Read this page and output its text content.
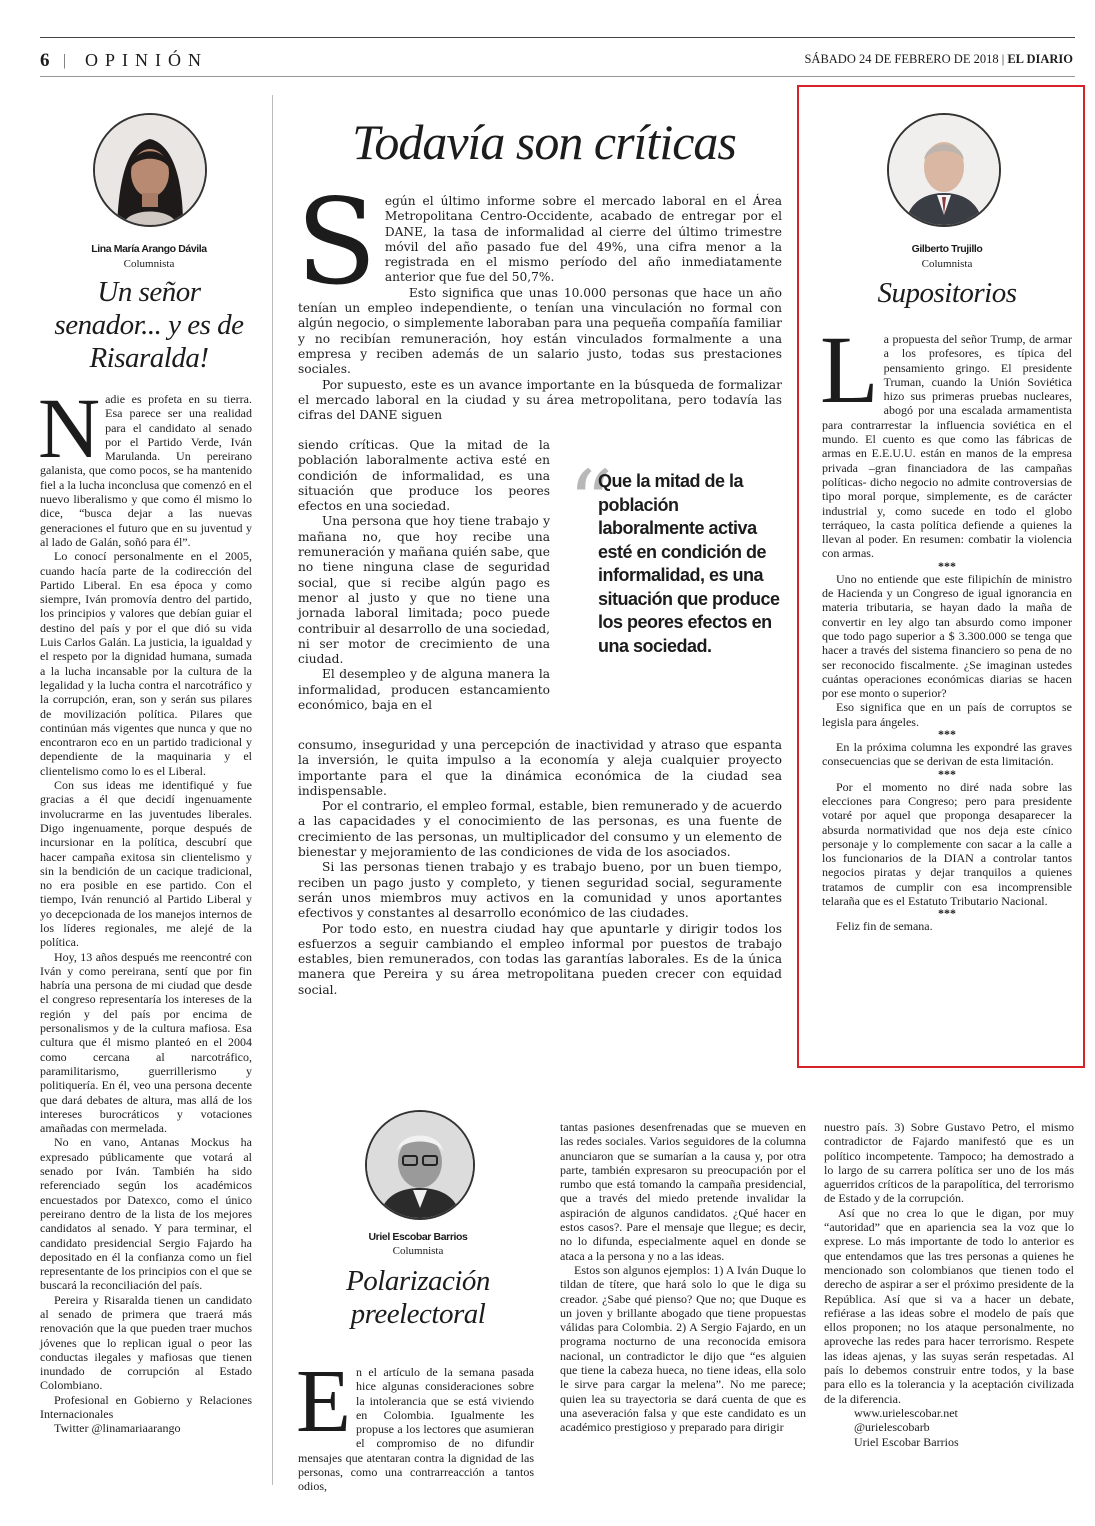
6 | OPINIÓN	SÁBADO 24 DE FEBRERO DE 2018 | EL DIARIO
Lina María Arango Dávila
Columnista
Un señor senador... y es de Risaralda!

Nadie es profeta en su tierra. Esa parece ser una realidad para el candidato al senado por el Partido Verde, Iván Marulanda. Un pereirano galanista, que como pocos, se ha mantenido fiel a la lucha inconclusa que comenzó en el nuevo liberalismo y que como él mismo lo dice, “busca dejar a las nuevas generaciones el futuro que en su juventud y al lado de Galán, soñó para él”.

Lo conocí personalmente en el 2005, cuando hacía parte de la codirección del Partido Liberal. En esa época y como siempre, Iván promovía dentro del partido, los principios y valores que debían guiar el destino del país y por el que dió su vida Luis Carlos Galán. La justicia, la igualdad y el respeto por la dignidad humana, sumada a la lucha incansable por la cultura de la legalidad y la lucha contra el narcotráfico y la corrupción, eran, son y serán sus pilares de movilización política. Pilares que continúan más vigentes que nunca y que no encontraron eco en un partido tradicional y dependiente de la maquinaria y el clientelismo como lo es el Liberal.

Con sus ideas me identifiqué y fue gracias a él que decidí ingenuamente involucrarme en las juventudes liberales. Digo ingenuamente, porque después de incursionar en la política, descubrí que hacer campaña exitosa sin clientelismo y sin la bendición de un cacique tradicional, no era posible en ese partido. Con el tiempo, Iván renunció al Partido Liberal y yo decepcionada de los manejos internos de los líderes regionales, me alejé de la política.

Hoy, 13 años después me reencontré con Iván y como pereirana, sentí que por fin habría una persona de mi ciudad que desde el congreso representaría los intereses de la región y del país por encima de personalismos y de la cultura mafiosa. Esa cultura que él mismo planteó en el 2004 como cercana al narcotráfico, paramilitarismo, guerrillerismo y politiquería. En él, veo una persona decente que dará debates de altura, mas allá de los intereses burocráticos y votaciones amañadas con mermelada.

No en vano, Antanas Mockus ha expresado públicamente que votará al senado por Iván. También ha sido referenciado según los académicos encuestados por Datexco, como el único pereirano dentro de la lista de los mejores candidatos al senado. Y para terminar, el candidato presidencial Sergio Fajardo ha depositado en él la confianza como un fiel representante de los principios con el que se buscará la reconciliación del país.

Pereira y Risaralda tienen un candidato al senado de primera que traerá más renovación que la que pueden traer muchos jóvenes que lo replican igual o peor las conductas ilegales y mafiosas que tienen inundado de corrupción al Estado Colombiano.

Profesional en Gobierno y Relaciones Internacionales

Twitter @linamariaarango

Todavía son críticas

Según el último informe sobre el mercado laboral en el Área Metropolitana Centro-Occidente, acabado de entregar por el DANE, la tasa de informalidad al cierre del último trimestre móvil del año pasado fue del 49%, una cifra menor a la registrada en el mismo período del año inmediatamente anterior que fue del 50,7%.

Esto significa que unas 10.000 personas que hace un año tenían un empleo independiente, o tenían una vinculación no formal con algún negocio, o simplemente laboraban para una pequeña compañía familiar y no recibían remuneración, hoy están vinculados formalmente a una empresa y reciben además de un salario justo, todas sus prestaciones sociales.

Por supuesto, este es un avance importante en la búsqueda de formalizar el mercado laboral en la ciudad y su área metropolitana, pero todavía las cifras del DANE siguen

siendo críticas. Que la mitad de la población laboralmente activa esté en condición de informalidad, es una situación que produce los peores efectos en una sociedad.

Una persona que hoy tiene trabajo y mañana no, que hoy recibe una remuneración y mañana quién sabe, que no tiene ninguna clase de seguridad social, que si recibe algún pago es menor al justo y que no tiene una jornada laboral limitada; poco puede contribuir al desarrollo de una sociedad, ni ser motor de crecimiento de una ciudad.

El desempleo y de alguna manera la informalidad, producen estancamiento económico, baja en el

“
Que la mitad de la población laboralmente activa esté en condición de informalidad, es una situación que produce los peores efectos en una sociedad.

consumo, inseguridad y una percepción de inactividad y atraso que espanta la inversión, le quita impulso a la economía y aleja cualquier proyecto importante para el que la dinámica económica de la ciudad sea indispensable.

Por el contrario, el empleo formal, estable, bien remunerado y de acuerdo a las capacidades y el conocimiento de las personas, es una fuente de crecimiento de las personas, un multiplicador del consumo y un elemento de bienestar y mejoramiento de las condiciones de vida de los asociados.

Si las personas tienen trabajo y es trabajo bueno, por un buen tiempo, reciben un pago justo y completo, y tienen seguridad social, seguramente serán unos miembros muy activos en la comunidad y unos aportantes efectivos y constantes al desarrollo económico de las ciudades.

Por todo esto, en nuestra ciudad hay que apuntarle y dirigir todos los esfuerzos a seguir cambiando el empleo informal por puestos de trabajo estables, bien remunerados, con todas las garantías laborales. Es de la única manera que Pereira y su área metropolitana pueden crecer con equidad social.

Gilberto Trujillo
Columnista
Supositorios

La propuesta del señor Trump, de armar a los profesores, es típica del pensamiento gringo. El presidente Truman, cuando la Unión Soviética hizo sus primeras pruebas nucleares, abogó por una escalada armamentista para contrarrestar la influencia soviética en el mundo. El cuento es que como las fábricas de armas en E.E.U.U. están en manos de la empresa privada –gran financiadora de las campañas políticas- dicho negocio no admite controversias de tipo moral porque, simplemente, es de carácter industrial y, como sucede en todo el globo terráqueo, la casta política defiende a quienes la llevan al poder. En resumen: combatir la violencia con armas.

***

Uno no entiende que este filipichín de ministro de Hacienda y un Congreso de igual ignorancia en materia tributaria, se hayan dado la maña de convertir en ley algo tan absurdo como imponer que todo pago superior a $ 3.300.000 se tenga que hacer a través del sistema financiero so pena de no ser reconocido fiscalmente. ¿Se imaginan ustedes cuántas operaciones económicas diarias se hacen por ese monto o superior?

Eso significa que en un país de corruptos se legisla para ángeles.

***

En la próxima columna les expondré las graves consecuencias que se derivan de esta limitación.

***

Por el momento no diré nada sobre las elecciones para Congreso; pero para presidente votaré por aquel que proponga desaparecer la absurda normatividad que nos deja este cínico personaje y lo complemente con sacar a la calle a los funcionarios de la DIAN a controlar tantos negocios piratas y dejar tranquilos a quienes tratamos de cumplir con esa incomprensible telaraña que es el Estatuto Tributario Nacional.

***

Feliz fin de semana.

Uriel Escobar Barrios
Columnista
Polarización preelectoral

En el artículo de la semana pasada hice algunas consideraciones sobre la intolerancia que se está viviendo en Colombia. Igualmente les propuse a los lectores que asumieran el compromiso de no difundir mensajes que atentaran contra la dignidad de las personas, como una contrarreacción a tantos odios,

tantas pasiones desenfrenadas que se mueven en las redes sociales. Varios seguidores de la columna anunciaron que se sumarían a la causa y, por otra parte, también expresaron su preocupación por el rumbo que está tomando la campaña presidencial, que a través del miedo pretende invalidar la aspiración de algunos candidatos. ¿Qué hacer en estos casos?. Pare el mensaje que llegue; es decir, no lo difunda, especialmente aquel en donde se ataca a la persona y no a las ideas.

Estos son algunos ejemplos: 1) A Iván Duque lo tildan de títere, que hará solo lo que le diga su creador. ¿Sabe qué pienso? Que no; que Duque es un joven y brillante abogado que tiene propuestas válidas para Colombia. 2) A Sergio Fajardo, en un programa nocturno de una reconocida emisora nacional, un contradictor le dijo que “es alguien que tiene la cabeza hueca, no tiene ideas, ella solo le sirve para cargar la melena”. No me parece; quien lea su trayectoria se dará cuenta de que es una aseveración falsa y que este candidato es un académico prestigioso y preparado para dirigir

nuestro país. 3) Sobre Gustavo Petro, el mismo contradictor de Fajardo manifestó que es un político incompetente. Tampoco; ha demostrado a lo largo de su carrera política ser uno de los más aguerridos críticos de la parapolítica, del terrorismo de Estado y de la corrupción.

Así que no crea lo que le digan, por muy “autoridad” que en apariencia sea la voz que lo exprese. Lo más importante de todo lo anterior es que entendamos que las tres personas a quienes he mencionado son colombianos que tienen todo el derecho de aspirar a ser el próximo presidente de la República. Así que si va a hacer un debate, refiérase a las ideas sobre el modelo de país que ellos proponen; no los ataque personalmente, no aproveche las redes para hacer terrorismo. Respete las ideas ajenas, y las suyas serán respetadas. Al país lo debemos construir entre todos, y la base para ello es la tolerancia y la aceptación civilizada de la diferencia.

www.urielescobar.net

@urielescobarb

Uriel Escobar Barrios
